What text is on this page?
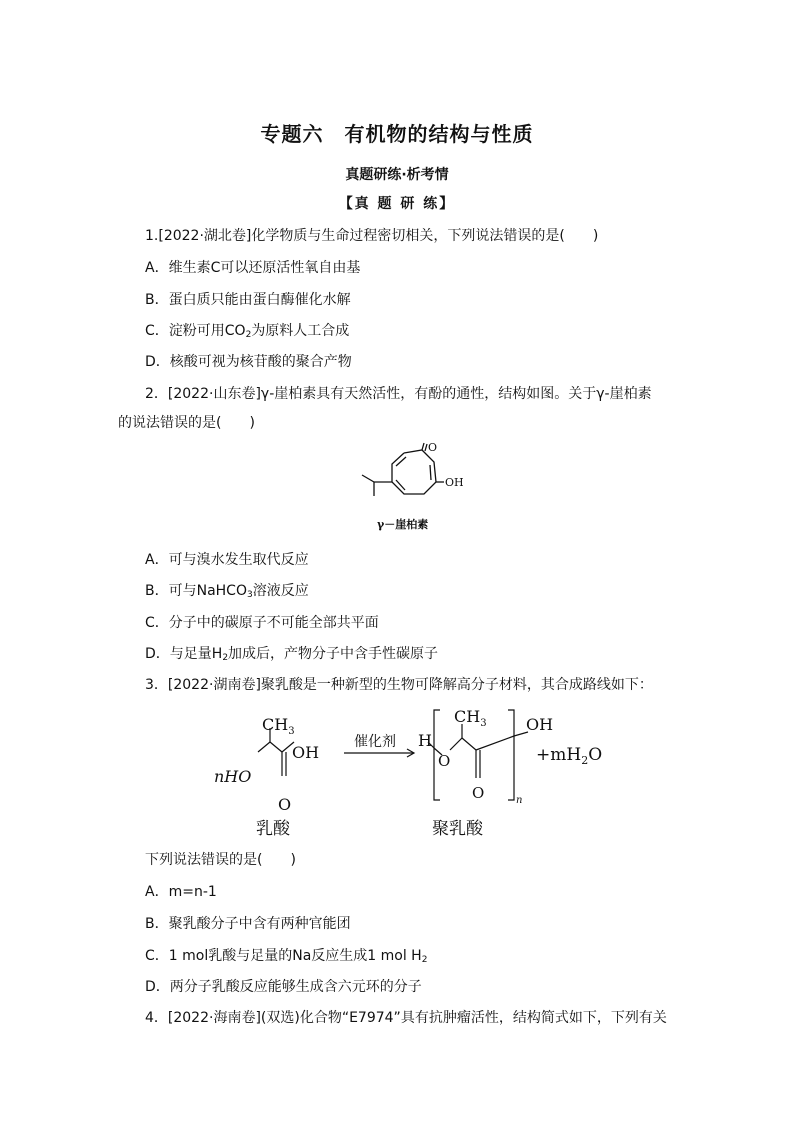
专题六　有机物的结构与性质
真题研练·析考情
【真 题 研 练】
1.[2022·湖北卷]化学物质与生命过程密切相关，下列说法错误的是(　　)
A．维生素C可以还原活性氧自由基
B．蛋白质只能由蛋白酶催化水解
C．淀粉可用$CO_2$为原料人工合成
D．核酸可视为核苷酸的聚合产物
2．[2022·山东卷]γ-崖柏素具有天然活性，有酚的通性，结构如图。关于γ-崖柏素
的说法错误的是(　　)
O
OH
γ－崖柏素
A．可与溴水发生取代反应
B．可与NaHCO$_3$溶液反应
C．分子中的碳原子不可能全部共平面
D．与足量$H_2$加成后，产物分子中含手性碳原子
3．[2022·湖南卷]聚乳酸是一种新型的生物可降解高分子材料，其合成路线如下：
$CH_3$
OH
nHO
O
催化剂 H
O
$CH_3$
O	n
OH
$+mH_2O$
乳酸	聚乳酸
下列说法错误的是(　　)
A．m=n-1
B．聚乳酸分子中含有两种官能团
C．1 mol乳酸与足量的Na反应生成1 mol $H_2$
D．两分子乳酸反应能够生成含六元环的分子
4．[2022·海南卷](双选)化合物“E7974”具有抗肿瘤活性，结构简式如下，下列有关
